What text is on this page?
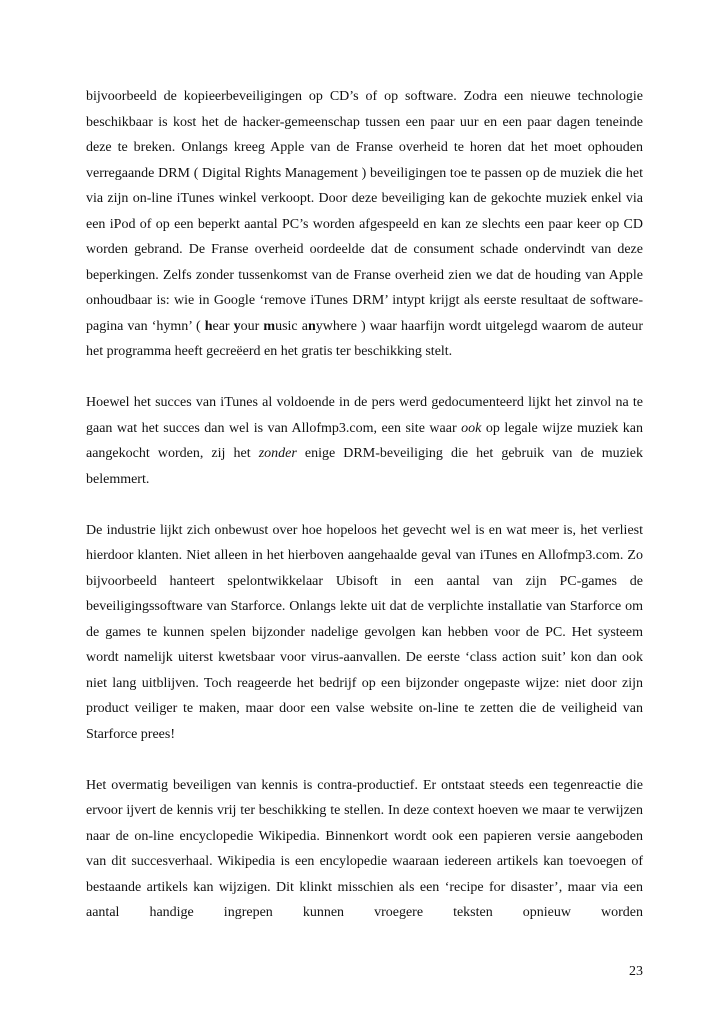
bijvoorbeeld de kopieerbeveiligingen op CD’s of op software. Zodra een nieuwe technologie beschikbaar is kost het de hacker-gemeenschap tussen een paar uur en een paar dagen teneinde deze te breken. Onlangs kreeg Apple van de Franse overheid te horen dat het moet ophouden verregaande DRM ( Digital Rights Management ) beveiligingen toe te passen op de muziek die het via zijn on-line iTunes winkel verkoopt. Door deze beveiliging kan de gekochte muziek enkel via een iPod of op een beperkt aantal PC’s worden afgespeeld en kan ze slechts een paar keer op CD worden gebrand. De Franse overheid oordeelde dat de consument schade ondervindt van deze beperkingen. Zelfs zonder tussenkomst van de Franse overheid zien we dat de houding van Apple onhoudbaar is: wie in Google ‘remove iTunes DRM’ intypt krijgt als eerste resultaat de software-pagina van ‘hymn’ ( hear your music anywhere ) waar haarfijn wordt uitgelegd waarom de auteur het programma heeft gecreëerd en het gratis ter beschikking stelt.

Hoewel het succes van iTunes al voldoende in de pers werd gedocumenteerd lijkt het zinvol na te gaan wat het succes dan wel is van Allofmp3.com, een site waar ook op legale wijze muziek kan aangekocht worden, zij het zonder enige DRM-beveiliging die het gebruik van de muziek belemmert.

De industrie lijkt zich onbewust over hoe hopeloos het gevecht wel is en wat meer is, het verliest hierdoor klanten. Niet alleen in het hierboven aangehaalde geval van iTunes en Allofmp3.com. Zo bijvoorbeeld hanteert spelontwikkelaar Ubisoft in een aantal van zijn PC-games de beveiligingssoftware van Starforce. Onlangs lekte uit dat de verplichte installatie van Starforce om de games te kunnen spelen bijzonder nadelige gevolgen kan hebben voor de PC. Het systeem wordt namelijk uiterst kwetsbaar voor virus-aanvallen. De eerste ‘class action suit’ kon dan ook niet lang uitblijven. Toch reageerde het bedrijf op een bijzonder ongepaste wijze: niet door zijn product veiliger te maken, maar door een valse website on-line te zetten die de veiligheid van Starforce prees!

Het overmatig beveiligen van kennis is contra-productief. Er ontstaat steeds een tegenreactie die ervoor ijvert de kennis vrij ter beschikking te stellen. In deze context hoeven we maar te verwijzen naar de on-line encyclopedie Wikipedia. Binnenkort wordt ook een papieren versie aangeboden van dit succesverhaal. Wikipedia is een encylopedie waaraan iedereen artikels kan toevoegen of bestaande artikels kan wijzigen. Dit klinkt misschien als een ‘recipe for disaster’, maar via een aantal handige ingrepen kunnen vroegere teksten opnieuw worden

23
